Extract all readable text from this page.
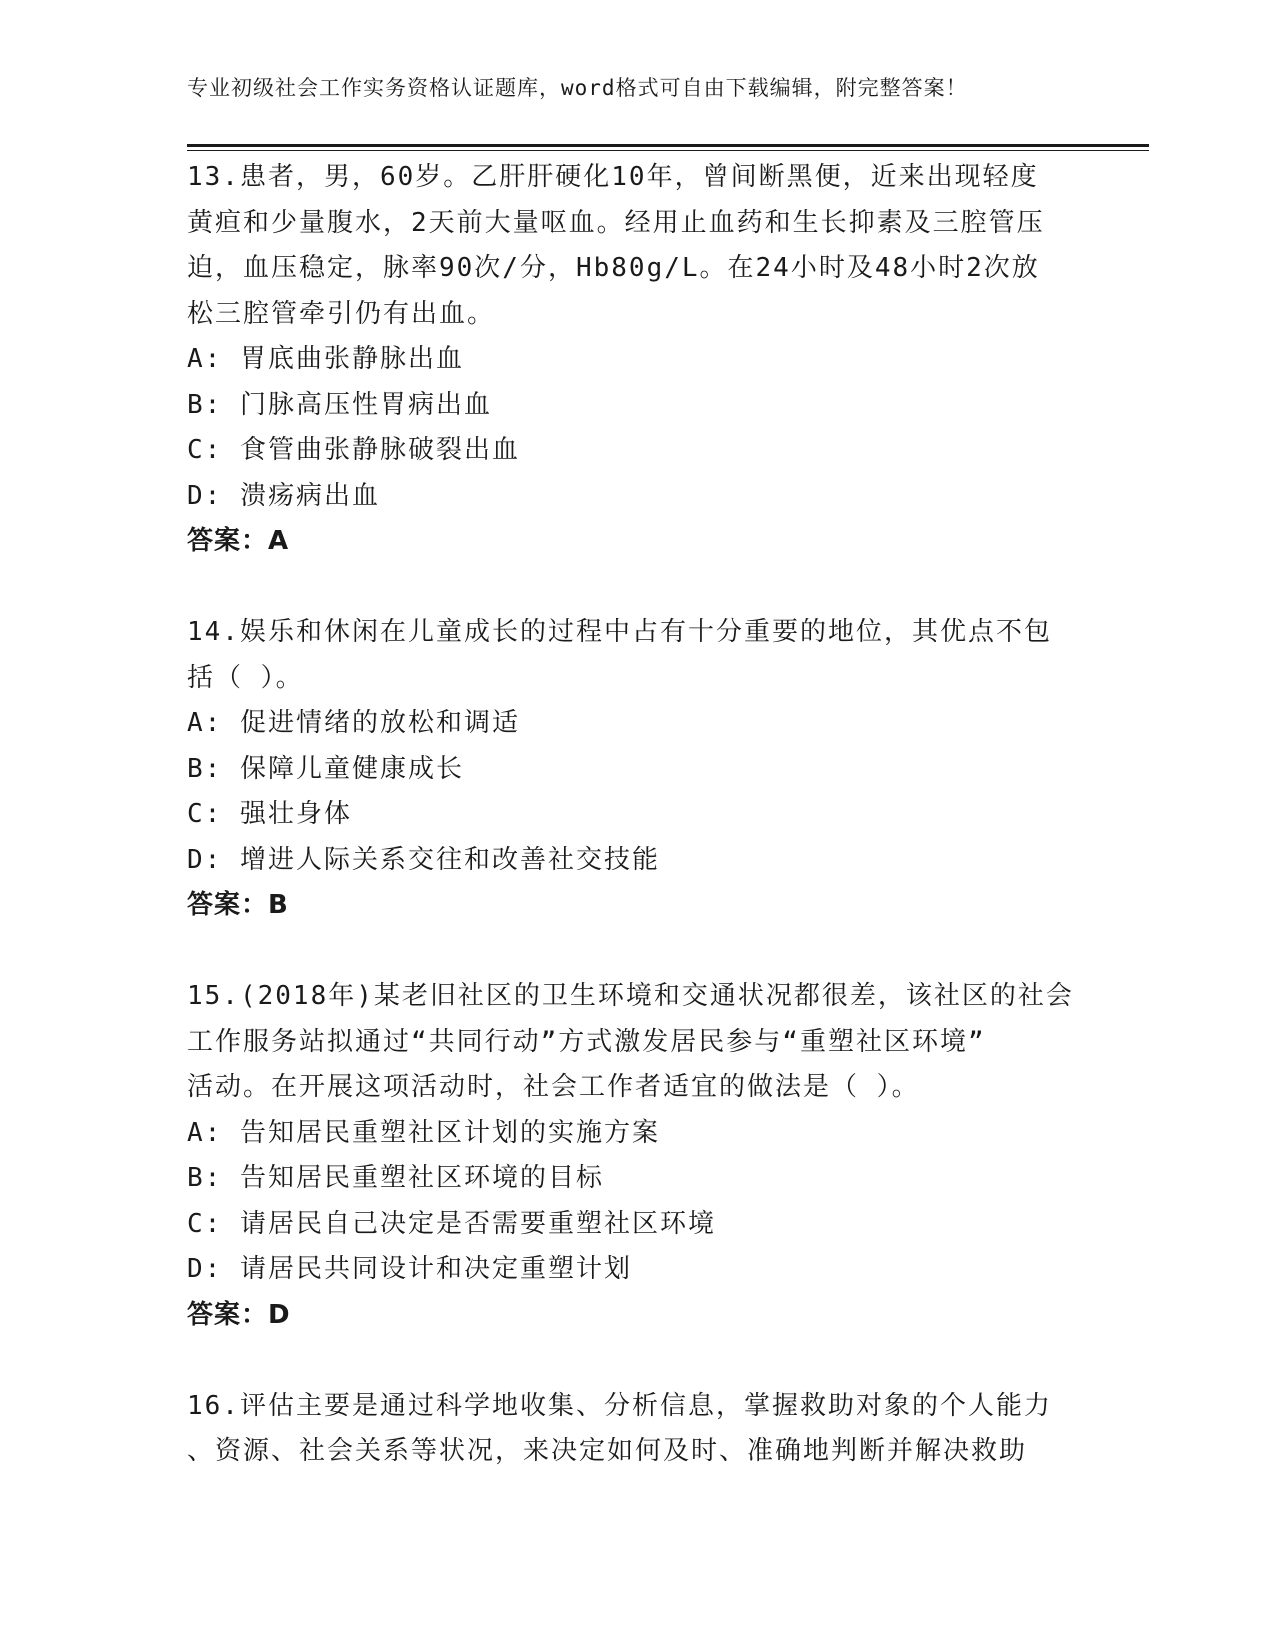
专业初级社会工作实务资格认证题库，word格式可自由下载编辑，附完整答案！
13.患者，男，60岁。乙肝肝硬化10年，曾间断黑便，近来出现轻度
黄疸和少量腹水，2天前大量呕血。经用止血药和生长抑素及三腔管压
迫，血压稳定，脉率90次/分，Hb80g/L。在24小时及48小时2次放
松三腔管牵引仍有出血。
A: 胃底曲张静脉出血
B: 门脉高压性胃病出血
C: 食管曲张静脉破裂出血
D: 溃疡病出血
答案：A
14.娱乐和休闲在儿童成长的过程中占有十分重要的地位，其优点不包
括（ ）。
A: 促进情绪的放松和调适
B: 保障儿童健康成长
C: 强壮身体
D: 增进人际关系交往和改善社交技能
答案：B
15.(2018年)某老旧社区的卫生环境和交通状况都很差，该社区的社会
工作服务站拟通过“共同行动”方式激发居民参与“重塑社区环境”
活动。在开展这项活动时，社会工作者适宜的做法是（ ）。
A: 告知居民重塑社区计划的实施方案
B: 告知居民重塑社区环境的目标
C: 请居民自己决定是否需要重塑社区环境
D: 请居民共同设计和决定重塑计划
答案：D
16.评估主要是通过科学地收集、分析信息，掌握救助对象的个人能力
、资源、社会关系等状况，来决定如何及时、准确地判断并解决救助
